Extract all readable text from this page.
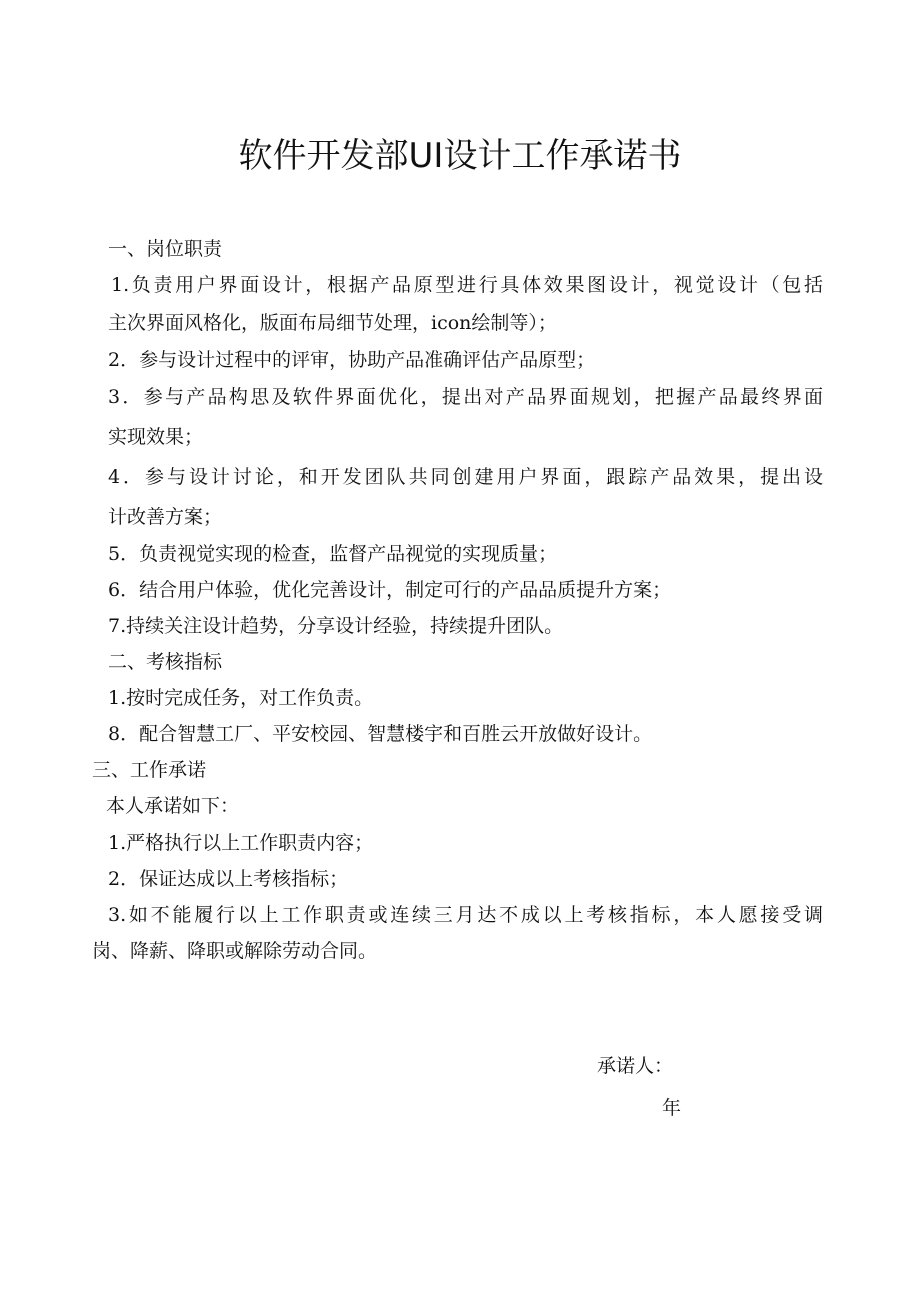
软件开发部UI设计工作承诺书

一、岗位职责

1.负责用户界面设计，根据产品原型进行具体效果图设计，视觉设计（包括

主次界面风格化，版面布局细节处理，icon绘制等）；

2．参与设计过程中的评审，协助产品准确评估产品原型；

3．参与产品构思及软件界面优化，提出对产品界面规划，把握产品最终界面

实现效果；

4．参与设计讨论，和开发团队共同创建用户界面，跟踪产品效果，提出设

计改善方案；

5．负责视觉实现的检查，监督产品视觉的实现质量；

6．结合用户体验，优化完善设计，制定可行的产品品质提升方案；

7.持续关注设计趋势，分享设计经验，持续提升团队。

二、考核指标

1.按时完成任务，对工作负责。

8．配合智慧工厂、平安校园、智慧楼宇和百胜云开放做好设计。

三、工作承诺

本人承诺如下：

1.严格执行以上工作职责内容；

2．保证达成以上考核指标；

3.如不能履行以上工作职责或连续三月达不成以上考核指标，本人愿接受调

岗、降薪、降职或解除劳动合同。

承诺人：

年
